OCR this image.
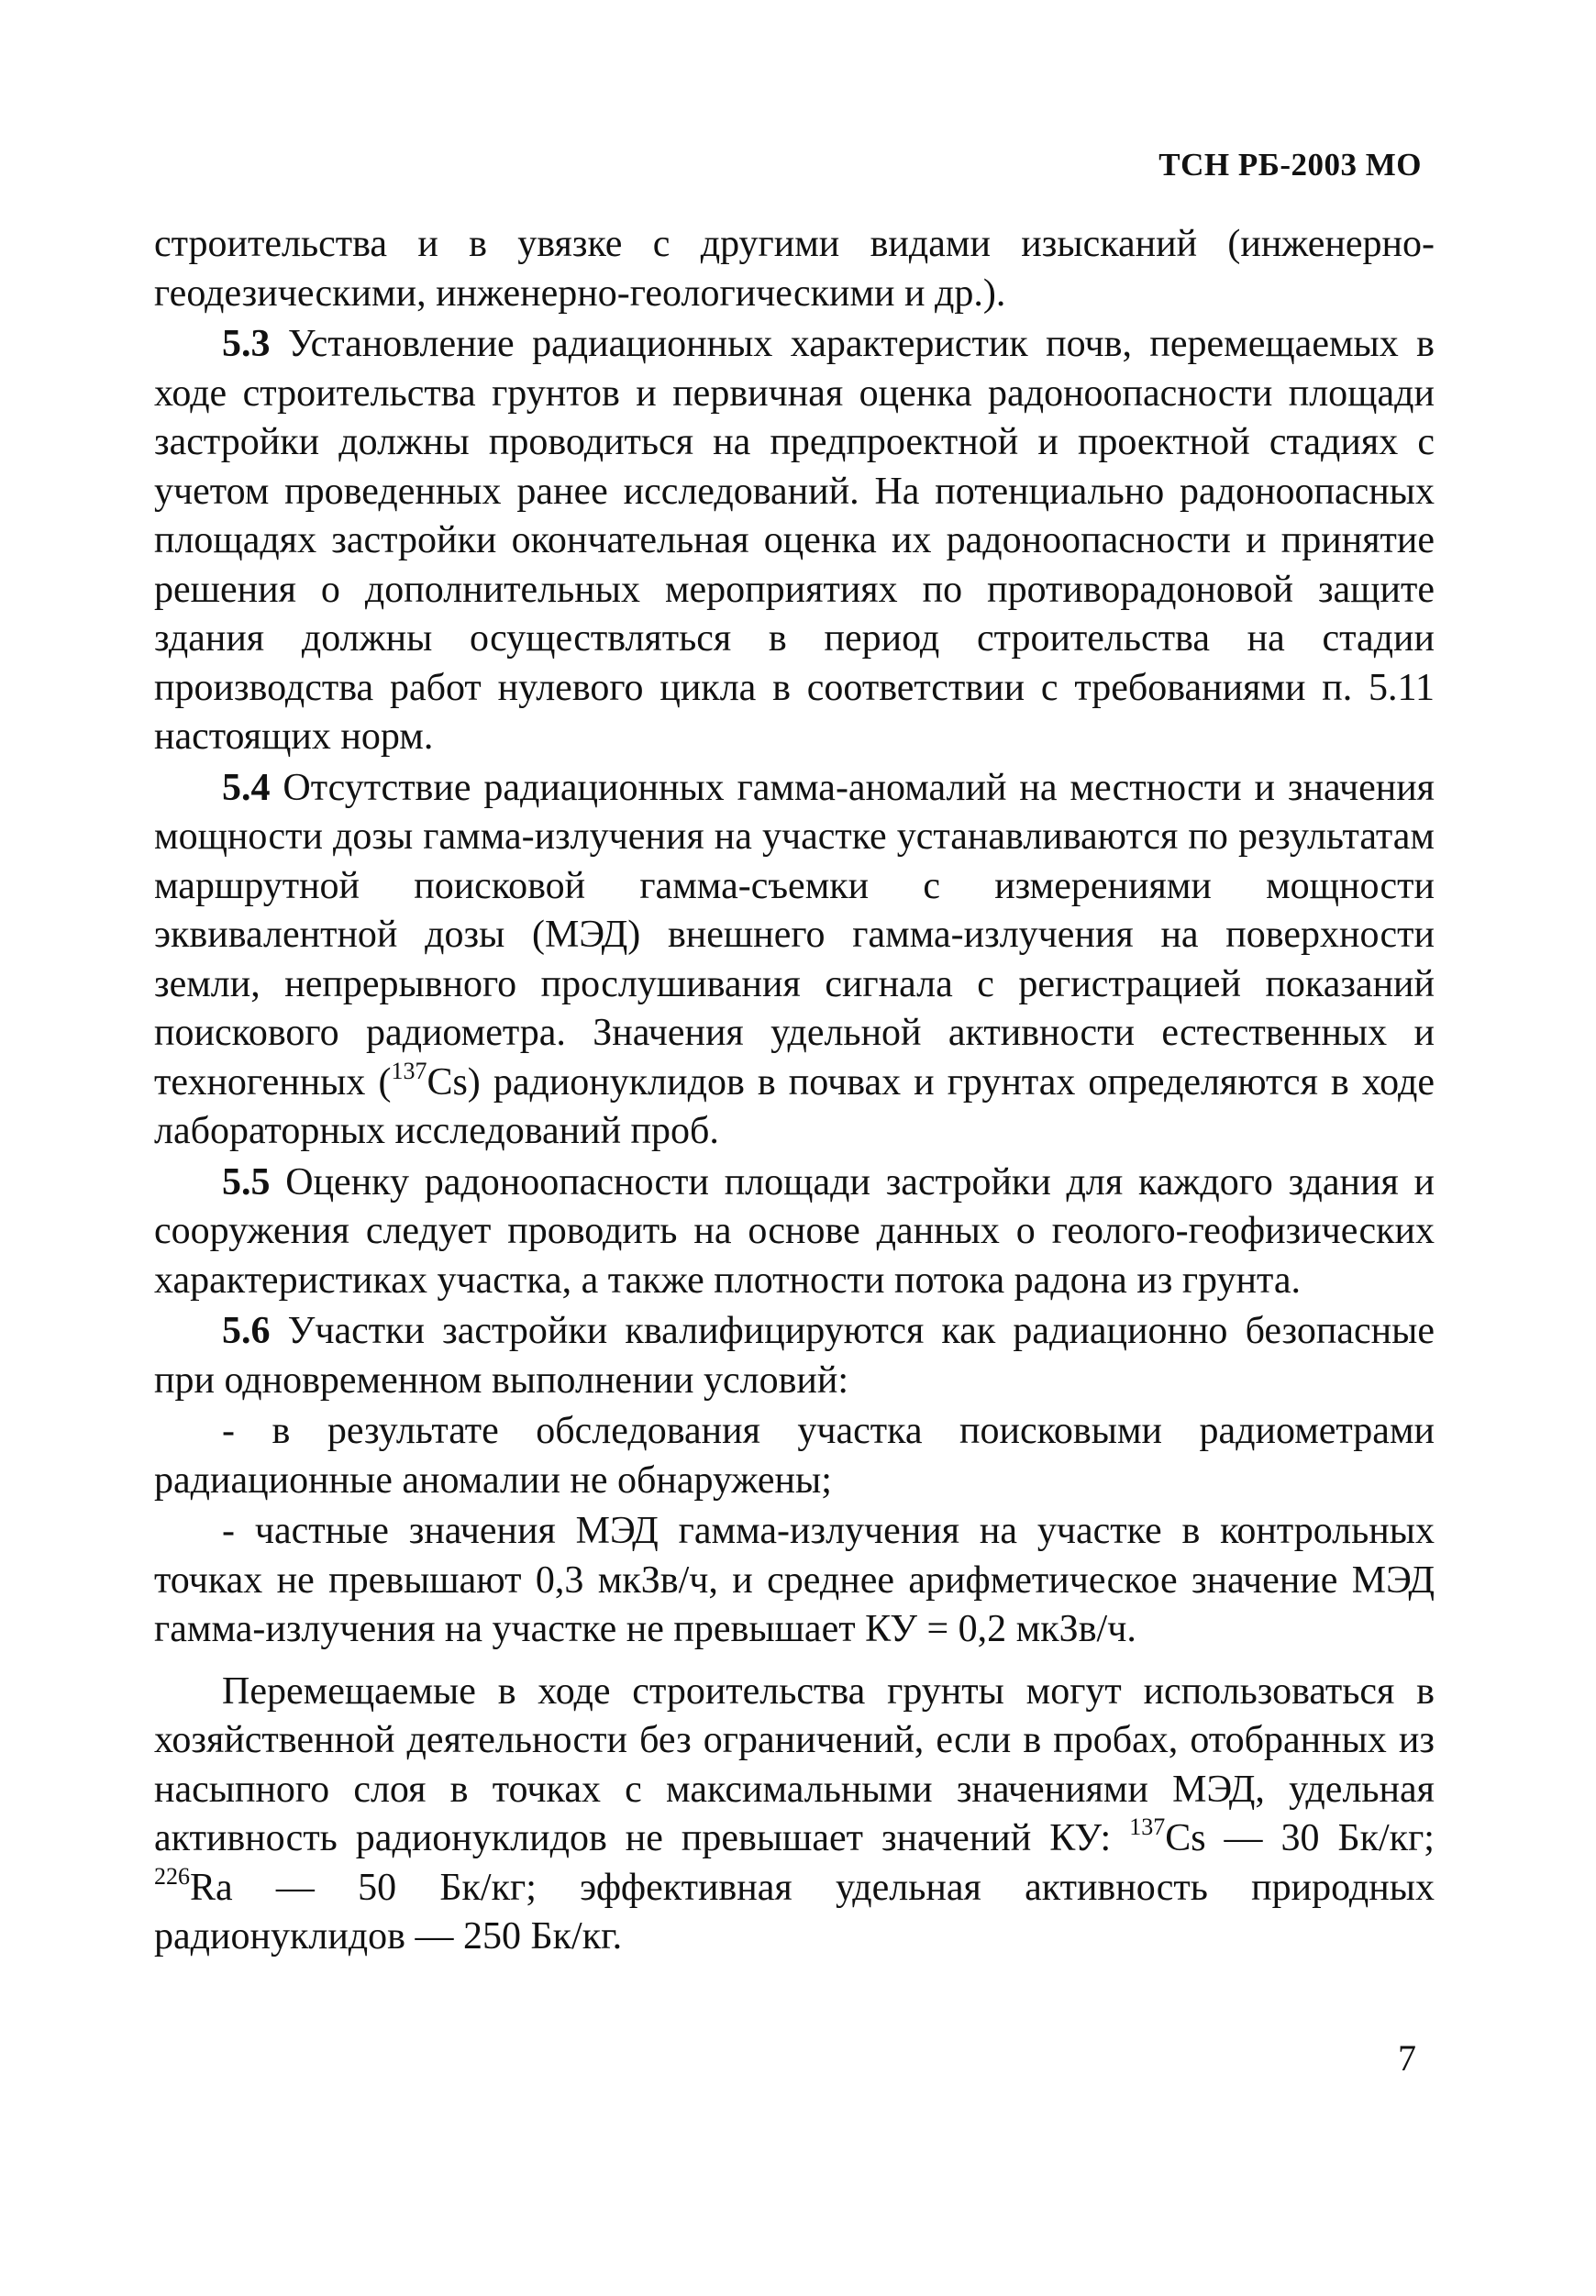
ТСН РБ-2003 МО

строительства и в увязке с другими видами изысканий (инженерно-геодезическими, инженерно-геологическими и др.).

5.3 Установление радиационных характеристик почв, перемещаемых в ходе строительства грунтов и первичная оценка радоноопасности площади застройки должны проводиться на предпроектной и проектной стадиях с учетом проведенных ранее исследований. На потенциально радоноопасных площадях застройки окончательная оценка их радоноопасности и принятие решения о дополнительных мероприятиях по противорадоновой защите здания должны осуществляться в период строительства на стадии производства работ нулевого цикла в соответствии с требованиями п. 5.11 настоящих норм.

5.4 Отсутствие радиационных гамма-аномалий на местности и значения мощности дозы гамма-излучения на участке устанавливаются по результатам маршрутной поисковой гамма-съемки с измерениями мощности эквивалентной дозы (МЭД) внешнего гамма-излучения на поверхности земли, непрерывного прослушивания сигнала с регистрацией показаний поискового радиометра. Значения удельной активности естественных и техногенных ($^{137}$Cs) радионуклидов в почвах и грунтах определяются в ходе лабораторных исследований проб.

5.5 Оценку радоноопасности площади застройки для каждого здания и сооружения следует проводить на основе данных о геолого-геофизических характеристиках участка, а также плотности потока радона из грунта.

5.6 Участки застройки квалифицируются как радиационно безопасные при одновременном выполнении условий:

- в результате обследования участка поисковыми радиометрами радиационные аномалии не обнаружены;

- частные значения МЭД гамма-излучения на участке в контрольных точках не превышают 0,3 мкЗв/ч, и среднее арифметическое значение МЭД гамма-излучения на участке не превышает КУ = 0,2 мкЗв/ч.

Перемещаемые в ходе строительства грунты могут использоваться в хозяйственной деятельности без ограничений, если в пробах, отобранных из насыпного слоя в точках с максимальными значениями МЭД, удельная активность радионуклидов не превышает значений КУ: $^{137}$Cs — 30 Бк/кг; $^{226}$Ra — 50 Бк/кг; эффективная удельная активность природных радионуклидов — 250 Бк/кг.

7
